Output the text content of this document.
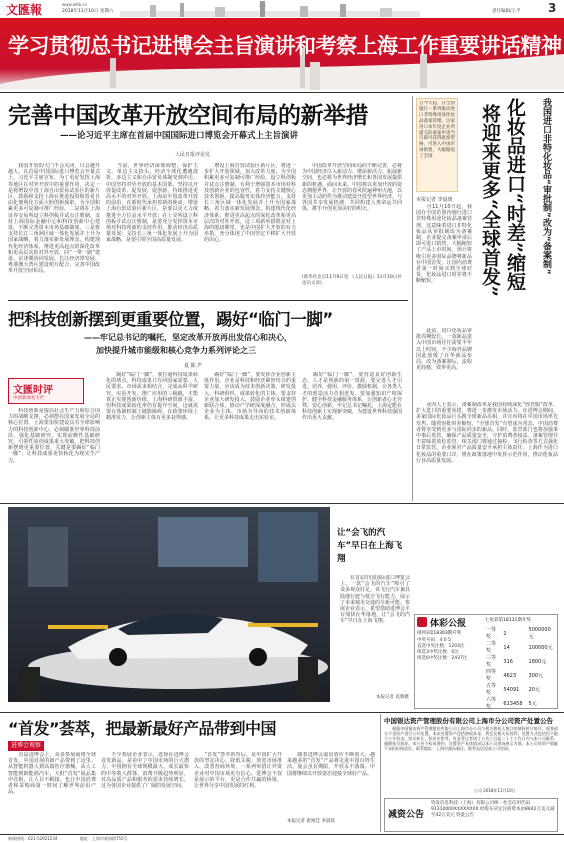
文匯報	www.whb.cn
2018年11月10日 星期六	责任编辑/王平 3
学习贯彻总书记进博会主旨演讲和考察上海工作重要讲话精神
完善中国改革开放空间布局的新举措
——论习近平主席在首届中国国际进口博览会开幕式上主旨演讲
人民日报评论员
　　我国开放的大门不会关闭，只会越开越大。在首届中国国际进口博览会开幕式上，习近平主席宣布，为了更好发挥上海等地区在对外开放中的重要作用，决定一是将增设中国上海自由贸易试验区的新片区，鼓励和支持上海在推进投资和贸易自由化便利化方面大胆创新探索，为全国积累更多可复制可推广经验。二是将在上海证券交易所设立科创板并试点注册制，支持上海国际金融中心和科技创新中心建设，不断完善资本市场基础制度。三是将支持长江三角洲区域一体化发展并上升为国家战略，着力落实新发展理念，构建现代化经济体系，推进更高起点的深化改革和更高层次的对外开放，同“一带一路”建设、京津冀协同发展、长江经济带发展、粤港澳大湾区建设相互配合，完善中国改革开放空间布局。
　　当前，世界经济深刻调整，保护主义、单边主义抬头，经济全球化遭遇波折，多边主义和自由贸易体制受到冲击。中国坚持对外开放的基本国策，坚持以开放促改革、促发展、促创新，持续推进更高水平的对外开放。上海是中国改革开放的前沿，在新时代承担着新的使命。增设上海自贸试验区新片区，是要以更大力度推进全方位高水平开放；在上交所设立科创板并试点注册制，是要充分发挥资本市场对科技创新的支持作用，推动经济高质量发展；支持长三角一体化发展上升为国家战略，是要引领全国高质量发展。
　　增设上海自贸试验区新片区，将进一步扩大开放领域，加大改革力度，为全国积累更多可复制可推广经验。设立科创板并试点注册制，有利于增强资本市场对科技创新企业的包容性，着力支持关键核心技术创新，提高服务实体经济能力。支持长三角区域一体化发展并上升为国家战略，着力落实新发展理念，构建现代化经济体系，推进更高起点的深化改革和更高层次的对外开放，这三项新举措既是对上海的殷切期望，也是中国扩大开放的有力举措，充分体现了中国坚定不移扩大开放的决心。
　　中国改革开放空间布局的不断完善，必将为中国经济注入新动力、增添新活力、拓展新空间，也必将为世界经济增长和各国发展提供新的机遇。面向未来，中国将以更加开放的姿态拥抱世界，让开放的春风吹遍神州大地，以更加主动的作为推动建设开放型世界经济，与各国共享发展机遇，共同构建人类命运共同体，携手开创更加美好的明天。
(新华社北京11月9日电 《人民日报》11月10日评论员文章)
把科技创新摆到更重要位置，踢好“临门一脚”
——牢记总书记的嘱托，坚定改革开放再出发信心和决心，
加快提升城市能级和核心竞争力系列评论之三
夏 陈 声
文匯时评
中国新闻名专栏
　　科技创新是提高社会生产力和综合国力的战略支撑，必须摆在国家发展全局的核心位置。上海要加快建设具有全球影响力的科技创新中心，必须瞄准世界科技前沿，强化基础研究，实现前瞻性基础研究、引领性原创成果重大突破。把科技创新摆到更重要位置，关键是要踢好“临门一脚”，让科技成果更快转化为现实生产力。
　　踢好“临门一脚”，要打通科技成果转化的堵点。科技成果只有同国家需要、人民要求、市场需求相结合，完成从科学研究、实验开发、推广应用的三级跳，才能真正实现创新价值。上海科研资源丰富，但科技成果转化率仍有提升空间，这就需要在体制机制上破除障碍，在政策环境上精准发力，让创新主体有更多获得感。
　　踢好“临门一脚”，要发挥企业创新主体作用。企业是科技和经济紧密结合的重要力量，应该成为技术创新决策、研发投入、科研组织、成果转化的主体。要支持企业加大研发投入，鼓励企业牵头组建创新联合体，推动产学研深度融合，形成以企业为主体、市场为导向的技术创新体系，让更多科技成果走出实验室。
　　踢好“临门一脚”，要营造良好创新生态。人才是创新的第一资源，要完善人才引进、培养、使用、评价、激励机制，让各类人才的创造活力竞相迸发。要加强知识产权保护，健全科技金融服务体系，让创新者心无旁骛、安心创新。牢记总书记嘱托，上海定能在科技创新上实现新突破，为建设世界科技强国作出更大贡献。
自今天起，在全国施行一系列推动进口非特殊用途化妆品备案管理。这家进口本年度企业所提交的备案申请当日即可获得批准资格，可进入中国市场销售，大幅缩短了全国	化妆品进口“时差”缩短
将迎来更多“全球首发”	我国进口非特化妆品“审批制”改为“备案制”
本报记者 李晨琰
　　自11月10日起，我国在全国范围内施行进口非特殊用途化妆品备案管理。这意味着进口非特化妆品从审批制改为备案制，企业提交备案申请后即可进口销售，大幅缩短了产品上市时间，预计将吸引更多国际品牌将新品在中国首发，让国内消费者第一时间买到全球好货，化妆品进口时差将不断缩短。
　　此前，进口化妆品审批周期较长，一款新品进入中国市场往往需要半年以上时间，不少海外品牌因此放缓了在华新品布局。改为备案制后，流程更简便、效率更高。
　　业内人士表示，备案制改革是我国持续深化“放管服”改革、扩大进口的重要举措，将进一步激发市场活力。在进博会期间，多家国际化妆品巨头携全球新品亮相，并宣布将在中国市场率先发售。随着审批时差缩短，“全球首发”有望成为常态，中国消费者将享受到更多与国际同步的新品。同时，监管部门也将加强事中事后监管，确保产品质量安全，守护消费者权益。备案管理并不意味着放松监管，相关部门将通过抽检、飞行检查等方式强化日常监管，企业须对产品质量安全承担主体责任。上海作为进口化妆品的重要口岸，将在政策落地中发挥示范作用，推动化妆品行业高质量发展。
让“会飞的汽车”早日在上海飞翔
　　在首届中国国际进口博览会上，一款“会飞的汽车”吸引了众多观众驻足。该飞行汽车兼具陆地行驶与低空飞行能力，展示了未来城市交通的全新可能。参展企业表示，希望借助进博会平台加快在华落地，让“会飞的汽车”早日在上海飞翔。
本报记者 袁婧摄
体彩公报
排列3第18303期开奖
中奖号码：4 0 5
直选中奖注数：1203注
组选3中奖注数：0注
组选6中奖注数：2437注
七星彩第18131期开奖
一等奖	2	5000000元
二等奖	14	100000元
三等奖	316	1800元
四等奖	4623	300元
五等奖	54091	20元
六等奖	613458	5元
“首发”荟萃，把最新最好产品带到中国
进博会观察
　　首届进博会上，众多参展商将全球首发、中国首展的新产品带到了这里。从智能机器人到高端医疗器械，从人工智能到新能源汽车，大批“首发”展品集中亮相，让人目不暇接，也让中国消费者和采购商第一时间了解世界前沿产品。
　　不少参展企业表示，选择在进博会首发新品，是看中了中国市场的巨大潜力。中国拥有全球规模最大、成长最快的中等收入群体，消费升级趋势明显，对高品质产品和服务的需求持续增长，这为各国企业提供了广阔的发展空间。
　　“首发”荟萃的背后，是中国扩大开放的坚定决心。降低关税、放宽市场准入、改善营商环境，一系列举措让外资企业对中国市场更有信心。进博会不仅是展示的平台，更是合作共赢的桥梁，让世界分享中国发展的红利。
　　随着进博会溢出效应不断放大，越来越多的“首发”产品将走进中国百姓生活。展会虽有期限，开放永不落幕，中国将继续以开放姿态迎接全球好产品。
本报记者 唐闻佳 李晨琰
中国银达资产管理股份有限公司上海市分公司资产处置公告
　　根据中国银达资产管理股份有限公司上海市分公司与相关债权人签订的债权转让协议，现将部分不良资产进行公开处置。本次处置资产包括债权本金、利息及相关从权利，处置方式包括但不限于公开拍卖、协议转让、折价出售等。有意受让者请于公告之日起二十个工作日内与本公司联系，逾期视为放弃。本公告不构成要约，处置资产具体情况以本公司现场展示为准。本公司对资产瑕疵不承担担保责任。联系地址：上海市浦东新区，联系电话见本公司官网。
公司 2018年11月10日
减资公告
特发信息科技（上海）有限公司统一社会信用代码 91310000XXXXXXXX 经股东决定注册资本由8842万美元减至42万美元 特此公告
新闻热线：021-52921234	地址：上海市威海路755号
